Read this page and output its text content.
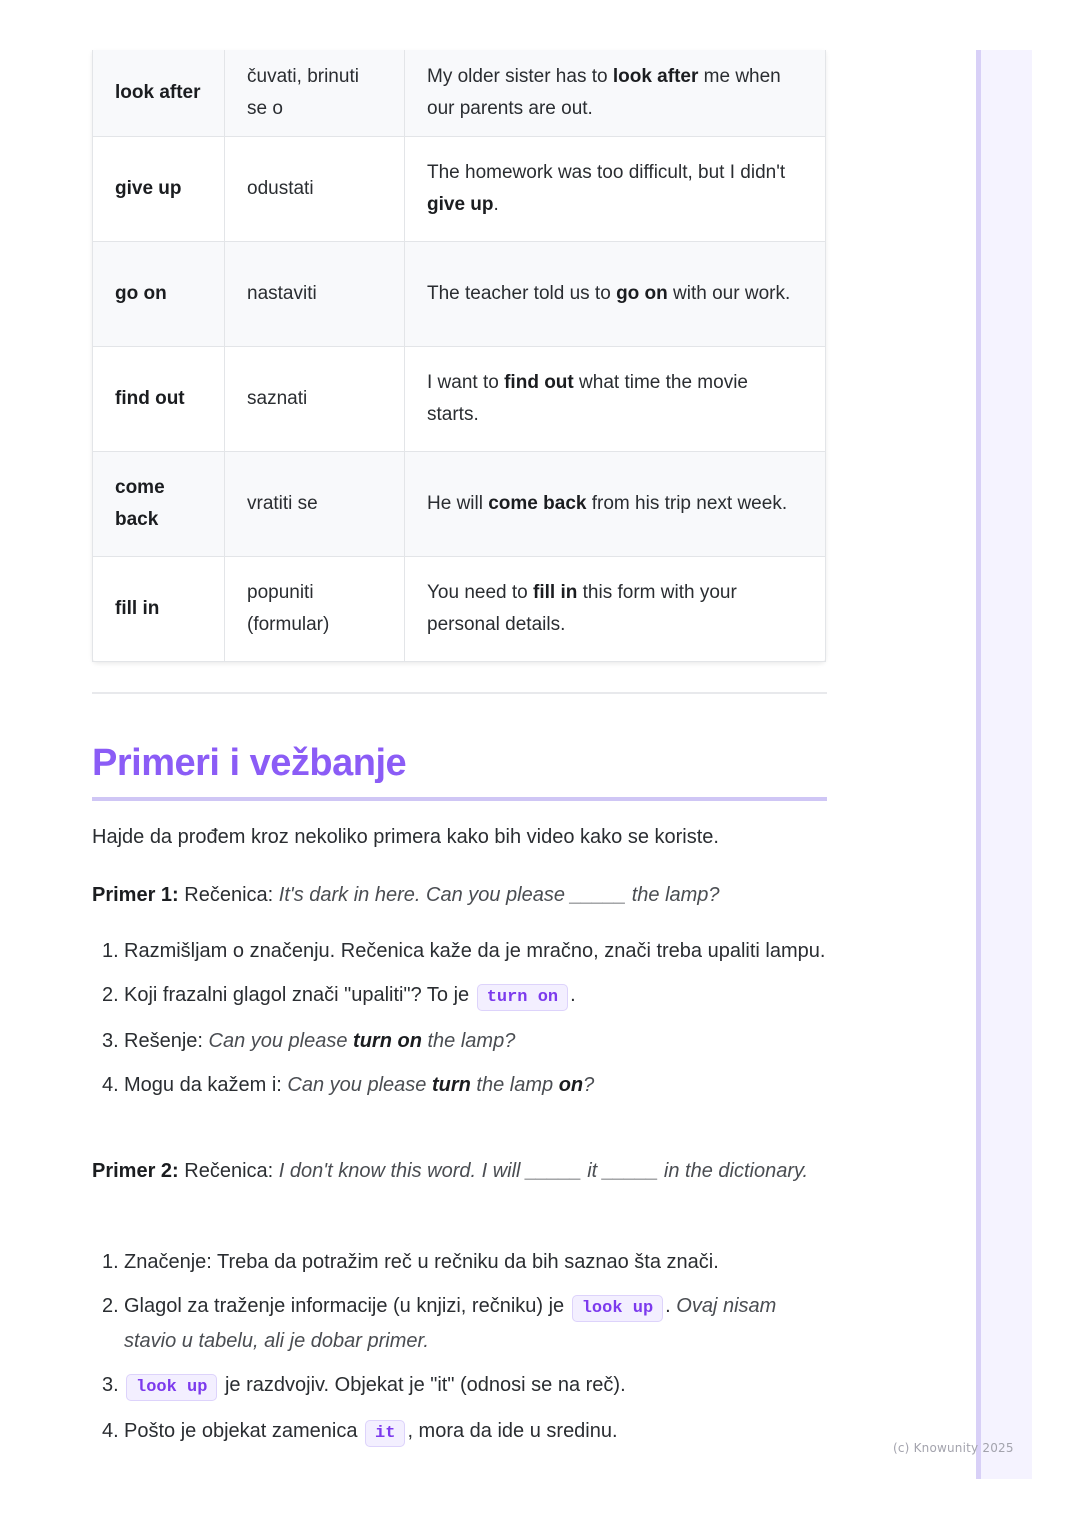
look after	čuvati, brinuti se o	My older sister has to look after me when our parents are out.
give up	odustati	The homework was too difficult, but I didn't give up.
go on	nastaviti	The teacher told us to go on with our work.
find out	saznati	I want to find out what time the movie starts.
come back	vratiti se	He will come back from his trip next week.
fill in	popuniti (formular)	You need to fill in this form with your personal details.
Primeri i vežbanje

Hajde da prođem kroz nekoliko primera kako bih video kako se koriste.

Primer 1: Rečenica: It's dark in here. Can you please _____ the lamp?

1. Razmišljam o značenju. Rečenica kaže da je mračno, znači treba upaliti lampu.
2. Koji frazalni glagol znači "upaliti"? To je turn on .
3. Rešenje: Can you please turn on the lamp?
4. Mogu da kažem i: Can you please turn the lamp on?

Primer 2: Rečenica: I don't know this word. I will _____ it _____ in the dictionary.

1. Značenje: Treba da potražim reč u rečniku da bih saznao šta znači.
2. Glagol za traženje informacije (u knjizi, rečniku) je look up . Ovaj nisam stavio u tabelu, ali je dobar primer.
3. look up je razdvojiv. Objekat je "it" (odnosi se na reč).
4. Pošto je objekat zamenica it , mora da ide u sredinu.
(c) Knowunity 2025
